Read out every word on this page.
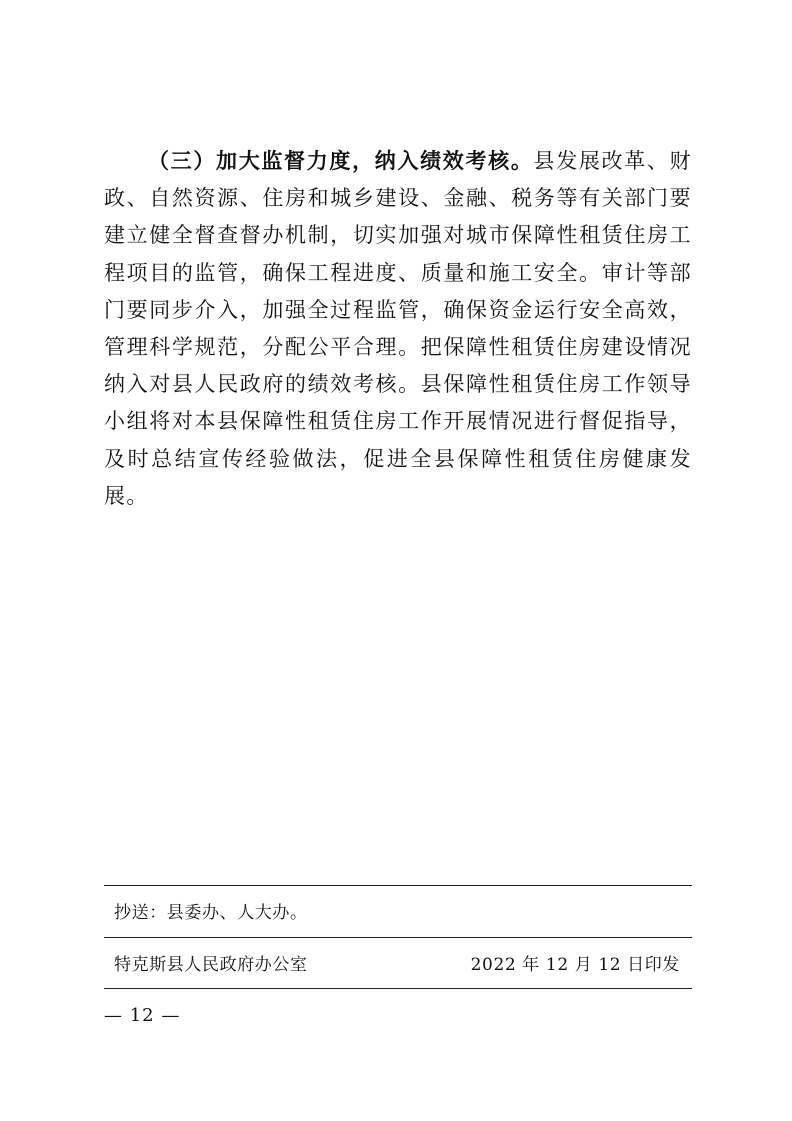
（三）加大监督力度，纳入绩效考核。县发展改革、财政、自然资源、住房和城乡建设、金融、税务等有关部门要建立健全督查督办机制，切实加强对城市保障性租赁住房工程项目的监管，确保工程进度、质量和施工安全。审计等部门要同步介入，加强全过程监管，确保资金运行安全高效，管理科学规范，分配公平合理。把保障性租赁住房建设情况纳入对县人民政府的绩效考核。县保障性租赁住房工作领导小组将对本县保障性租赁住房工作开展情况进行督促指导，及时总结宣传经验做法，促进全县保障性租赁住房健康发展。

抄送：县委办、人大办。
特克斯县人民政府办公室	2022 年 12 月 12 日印发
— 12 —
